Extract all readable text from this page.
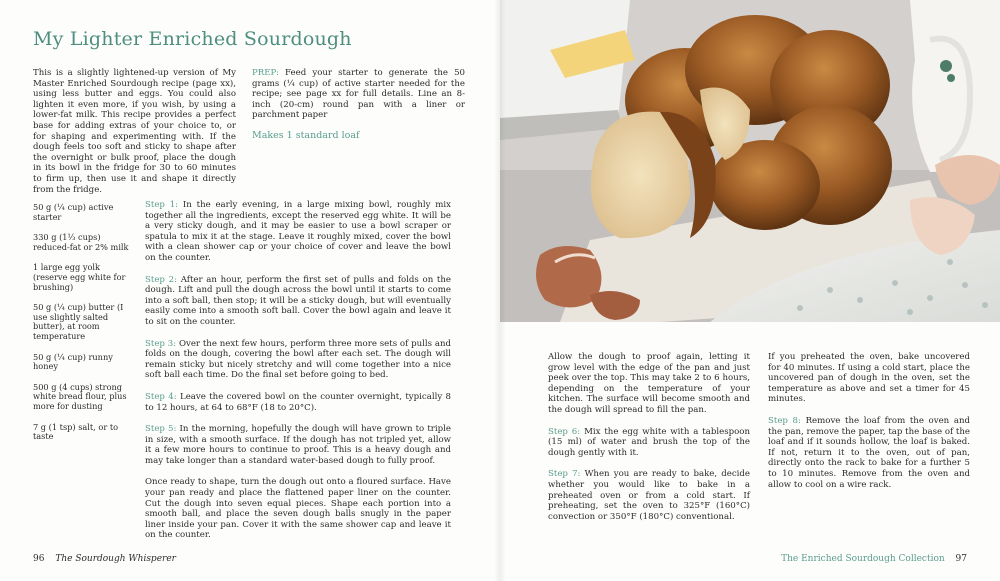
My Lighter Enriched Sourdough
This is a slightly lightened-up version of My Master Enriched Sourdough recipe (page xx), using less butter and eggs. You could also lighten it even more, if you wish, by using a lower-fat milk. This recipe provides a perfect base for adding extras of your choice to, or for shaping and experimenting with. If the dough feels too soft and sticky to shape after the overnight or bulk proof, place the dough in its bowl in the fridge for 30 to 60 minutes to firm up, then use it and shape it directly from the fridge.
PREP: Feed your starter to generate the 50 grams (¼ cup) of active starter needed for the recipe; see page xx for full details. Line an 8-inch (20-cm) round pan with a liner or parchment paper
Makes 1 standard loaf
50 g (¼ cup) active starter
330 g (1⅓ cups) reduced-fat or 2% milk
1 large egg yolk (reserve egg white for brushing)
50 g (¼ cup) butter (I use slightly salted butter), at room temperature
50 g (¼ cup) runny honey
500 g (4 cups) strong white bread flour, plus more for dusting
7 g (1 tsp) salt, or to taste

Step 1: In the early evening, in a large mixing bowl, roughly mix together all the ingredients, except the reserved egg white. It will be a very sticky dough, and it may be easier to use a bowl scraper or spatula to mix it at the stage. Leave it roughly mixed, cover the bowl with a clean shower cap or your choice of cover and leave the bowl on the counter.

Step 2: After an hour, perform the first set of pulls and folds on the dough. Lift and pull the dough across the bowl until it starts to come into a soft ball, then stop; it will be a sticky dough, but will eventually easily come into a smooth soft ball. Cover the bowl again and leave it to sit on the counter.

Step 3: Over the next few hours, perform three more sets of pulls and folds on the dough, covering the bowl after each set. The dough will remain sticky but nicely stretchy and will come together into a nice soft ball each time. Do the final set before going to bed.

Step 4: Leave the covered bowl on the counter overnight, typically 8 to 12 hours, at 64 to 68°F (18 to 20°C).

Step 5: In the morning, hopefully the dough will have grown to triple in size, with a smooth surface. If the dough has not tripled yet, allow it a few more hours to continue to proof. This is a heavy dough and may take longer than a standard water-based dough to fully proof.

Once ready to shape, turn the dough out onto a floured surface. Have your pan ready and place the flattened paper liner on the counter. Cut the dough into seven equal pieces. Shape each portion into a smooth ball, and place the seven dough balls snugly in the paper liner inside your pan. Cover it with the same shower cap and leave it on the counter.

96 The Sourdough Whisperer

Allow the dough to proof again, letting it grow level with the edge of the pan and just peek over the top. This may take 2 to 6 hours, depending on the temperature of your kitchen. The surface will become smooth and the dough will spread to fill the pan.

Step 6: Mix the egg white with a tablespoon (15 ml) of water and brush the top of the dough gently with it.

Step 7: When you are ready to bake, decide whether you would like to bake in a preheated oven or from a cold start. If preheating, set the oven to 325°F (160°C) convection or 350°F (180°C) conventional.

If you preheated the oven, bake uncovered for 40 minutes. If using a cold start, place the uncovered pan of dough in the oven, set the temperature as above and set a timer for 45 minutes.

Step 8: Remove the loaf from the oven and the pan, remove the paper, tap the base of the loaf and if it sounds hollow, the loaf is baked. If not, return it to the oven, out of pan, directly onto the rack to bake for a further 5 to 10 minutes. Remove from the oven and allow to cool on a wire rack.

The Enriched Sourdough Collection 97
